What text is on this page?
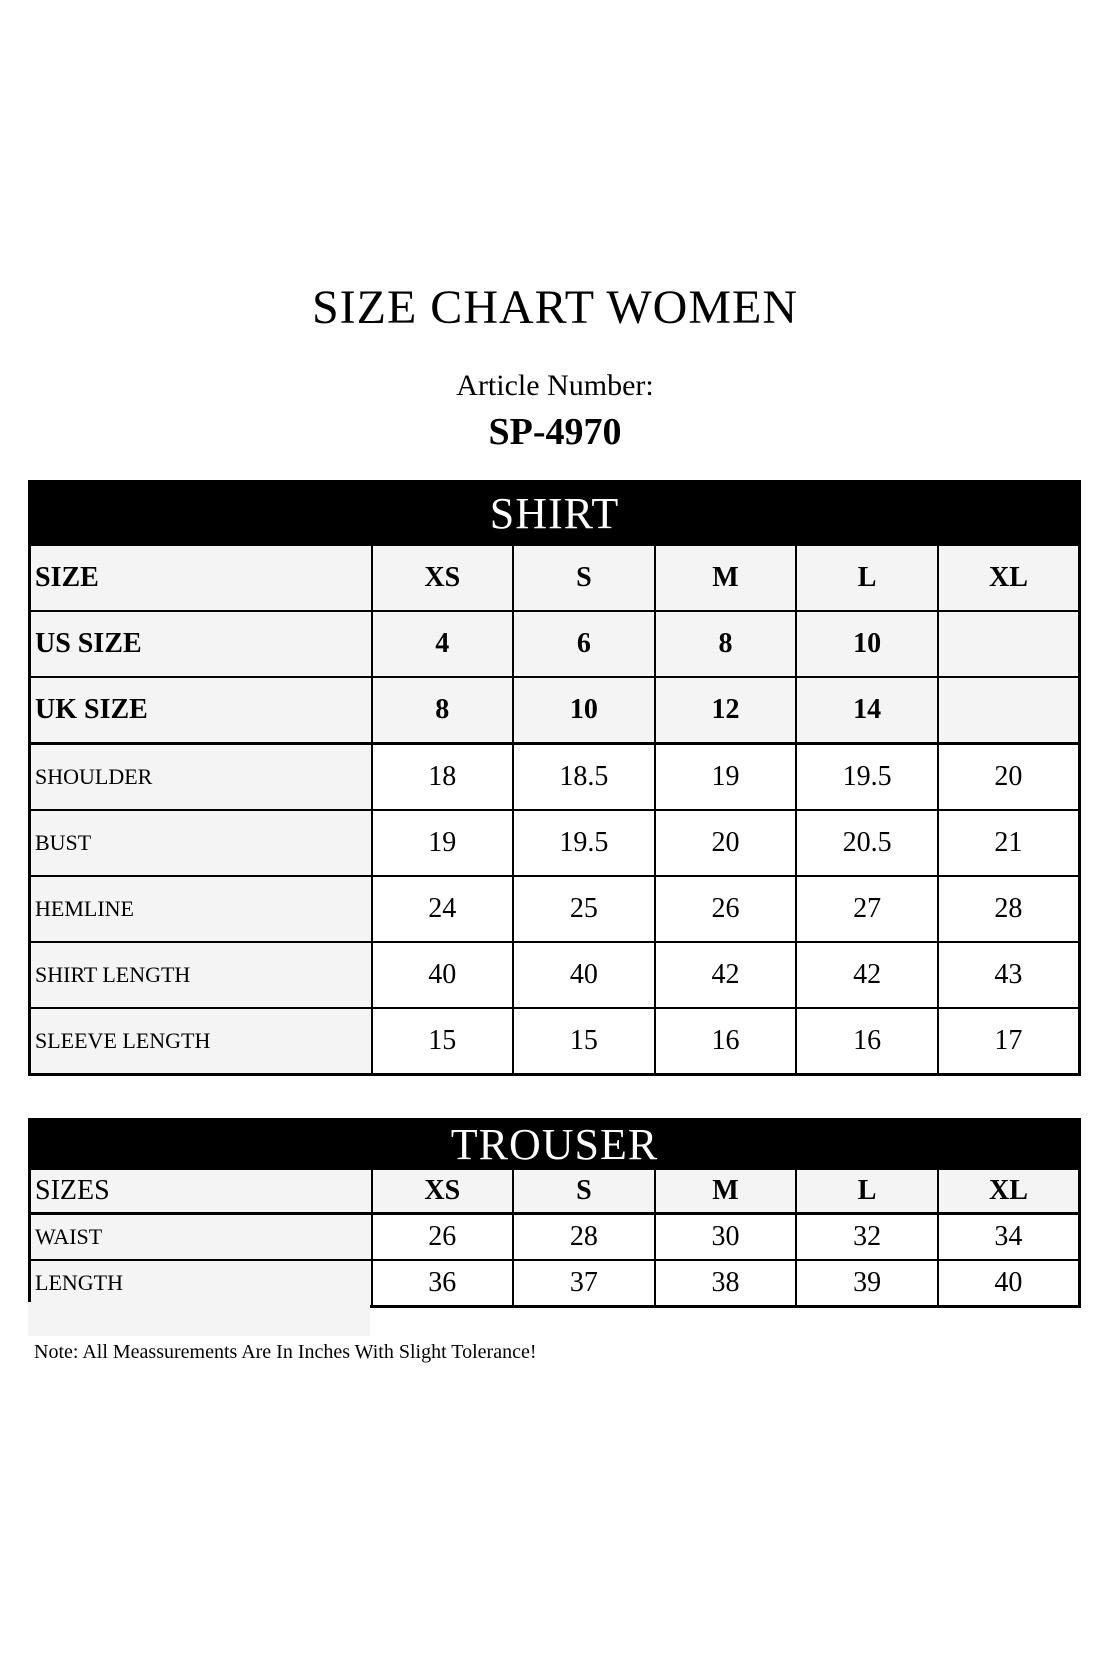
SIZE CHART WOMEN
Article Number:
SP-4970
SHIRT					
SIZE	XS	S	M	L	XL
US SIZE	4	6	8	10	
UK SIZE	8	10	12	14	
SHOULDER	18	18.5	19	19.5	20
BUST	19	19.5	20	20.5	21
HEMLINE	24	25	26	27	28
SHIRT LENGTH	40	40	42	42	43
SLEEVE LENGTH	15	15	16	16	17
TROUSER					
SIZES	XS	S	M	L	XL
WAIST	26	28	30	32	34
LENGTH	36	37	38	39	40
Note: All Meassurements Are In Inches With Slight Tolerance!
